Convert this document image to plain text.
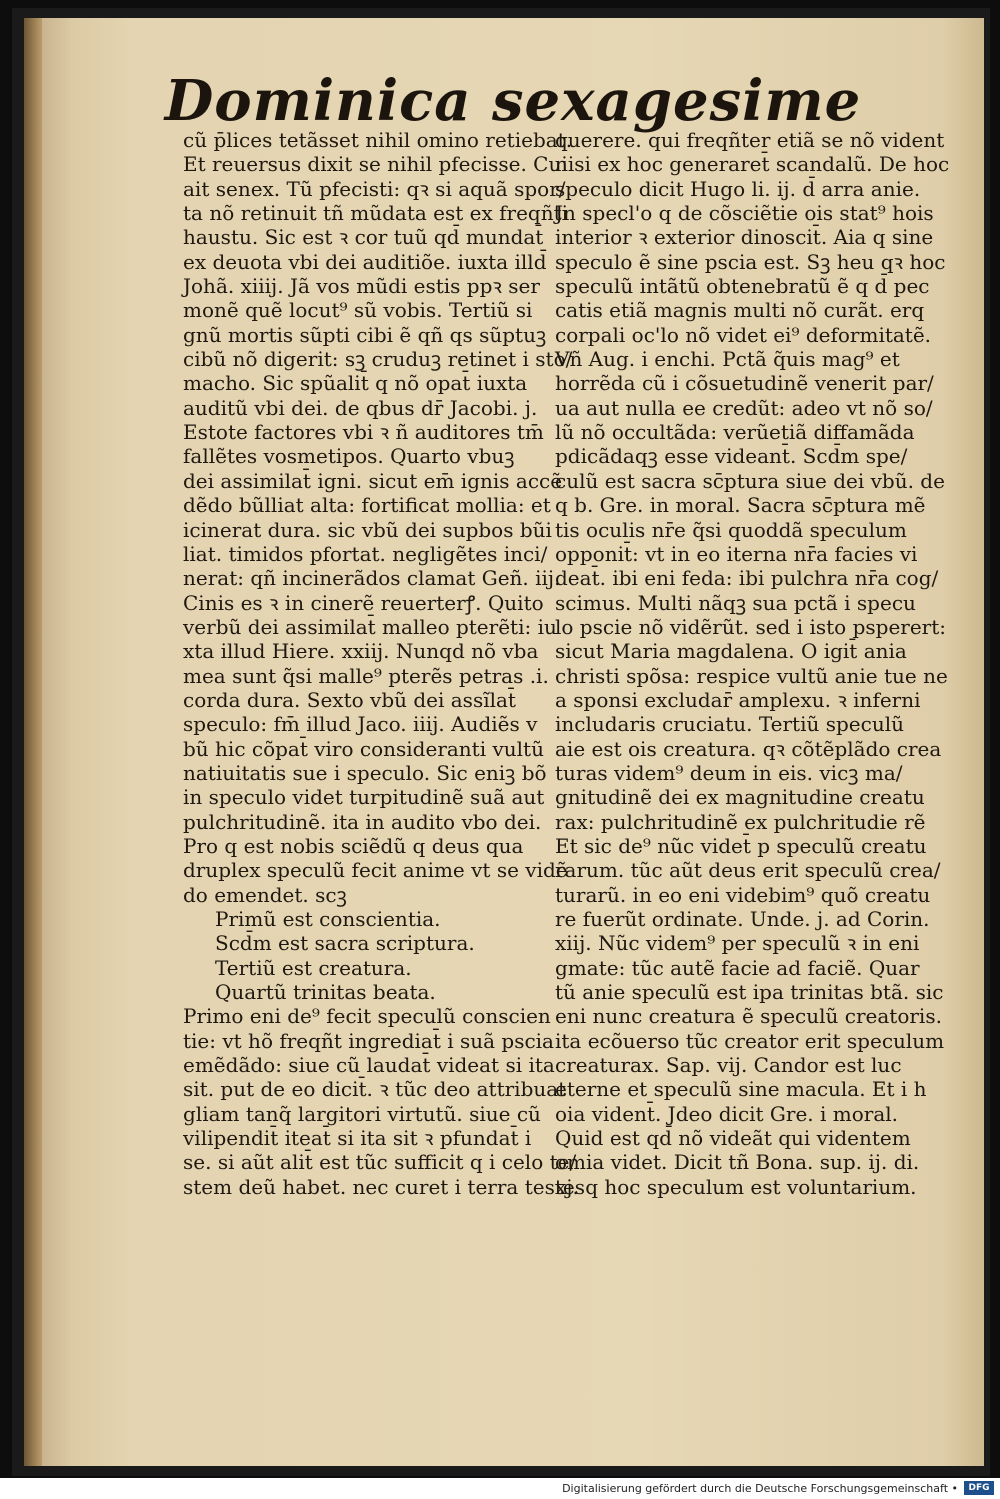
Dominica sexagesime
cũ p̄lices tetãsset nihil omino retiebat.
Et reuersus dixit se nihil pfecisse. Cui
ait senex. Tũ pfecisti: qꝛ si aquã spor/
ta nõ retinuit tñ mũdata est ex freqñti
haustu. Sic est ꝛ cor tuũ qd̄ mundat̄
ex deuota vbi dei auditiõe. iuxta illd̄
Johã. xiiij. Jã vos mũdi estis ppꝛ ser
monẽ quẽ locut⁹ sũ vobis. Tertiũ si
gnũ mortis sũpti cibi ẽ qñ qs sũptuꝫ
cibũ nõ digerit: sꝫ cruduꝫ retinet i sto/
macho. Sic spũalit̄ q nõ opat̄ iuxta
auditũ vbi dei. de qbus dr̄ Jacobi. j.
Estote factores vbi ꝛ ñ auditores tm̄
fallẽtes vosmetipos. Quarto vbuꝫ
dei assimilat̄ igni. sicut em̄ ignis accẽ
dẽdo bũlliat alta: fortificat mollia: et
icinerat dura. sic vbũ dei supbos bũi
liat. timidos pfortat. negligẽtes inci/
nerat: qñ incinerãdos clamat Geñ. iij.
Cinis es ꝛ in cinerẽ reuerterꝭ. Quito
verbũ dei assimilat̄ malleo pterẽti: iu
xta illud Hiere. xxiij. Nunqd nõ vba
mea sunt q̃si malle⁹ pterẽs petras .i.
corda dura. Sexto vbũ dei assĩlat̄
speculo: fm̄ illud Jaco. iiij. Audiẽs v
bũ hic cõpat̄ viro consideranti vultũ
natiuitatis sue i speculo. Sic eniꝫ bõ
in speculo videt turpitudinẽ suã aut
pulchritudinẽ. ita in audito vbo dei.
Pro q est nobis sciẽdũ q deus qua
druplex speculũ fecit anime vt se vidẽ
do emendet. scꝫ
Primũ est conscientia.
Scd̄m est sacra scriptura.
Tertiũ est creatura.
Quartũ trinitas beata.
Primo eni de⁹ fecit speculũ conscien
tie: vt hõ freqñt ingrediat̄ i suã pscia
emẽdãdo: siue cũ laudat̄ videat si ita
sit. put de eo dicit̄. ꝛ tũc deo attribuat
gliam tanq̃ largitori virtutũ. siue cũ
vilipendit̄ iteat̄ si ita sit ꝛ pfundat̄ i
se. si aũt alit̄ est tũc sufficit q i celo te/
stem deũ habet. nec curet i terra testes
querere. qui freqñter etiã se nõ vident
nisi ex hoc generaret̄ scandalũ. De hoc
speculo dicit Hugo li. ij. d̄ arra anie.
Jn specl'o q de cõsciẽtie ois stat⁹ hois
interior ꝛ exterior dinoscit̄. Aia q sine
speculo ẽ sine pscia est. Sꝫ heu qꝛ hoc
speculũ intãtũ obtenebratũ ẽ q d̄ pec
catis etiã magnis multi nõ curãt. erq
corpali oc'lo nõ videt ei⁹ deformitatẽ.
Vñ Aug. i enchi. Pctã q̃uis mag⁹ et
horrẽda cũ i cõsuetudinẽ venerit par/
ua aut nulla ee credũt: adeo vt nõ so/
lũ nõ occultãda: verũetiã diffamãda
pdicãdaqꝫ esse videant̄. Scd̄m spe/
culũ est sacra sc̄ptura siue dei vbũ. de
q b. Gre. in moral. Sacra sc̄ptura mẽ
tis oculis nr̄e q̃si quoddã speculum
opponit̄: vt in eo iterna nr̄a facies vi
deat̄. ibi eni feda: ibi pulchra nr̄a cog/
scimus. Multi nãqꝫ sua pctã i specu
lo pscie nõ vidẽrũt. sed i isto psperert:
sicut Maria magdalena. O igit̄ ania
christi spõsa: respice vultũ anie tue ne
a sponsi excludar̄ amplexu. ꝛ inferni
includaris cruciatu. Tertiũ speculũ
aie est ois creatura. qꝛ cõtẽplãdo crea
turas videm⁹ deum in eis. vicꝫ ma/
gnitudinẽ dei ex magnitudine creatu
rax: pulchritudinẽ ex pulchritudie rẽ
Et sic de⁹ nũc videt̄ p speculũ creatu
rarum. tũc aũt deus erit speculũ crea/
turarũ. in eo eni videbim⁹ quõ creatu
re fuerũt ordinate. Unde. j. ad Corin.
xiij. Nũc videm⁹ per speculũ ꝛ in eni
gmate: tũc autẽ facie ad faciẽ. Quar
tũ anie speculũ est ipa trinitas btã. sic
eni nunc creatura ẽ speculũ creatoris.
ita ecõuerso tũc creator erit speculum
creaturax. Sap. vij. Candor est luc
eterne et speculũ sine macula. Et i h
oia vident̄. Jdeo dicit Gre. i moral.
Quid est qd̄ nõ videãt qui videntem
omia videt. Dicit tñ Bona. sup. ij. di.
xj. q hoc speculum est voluntarium.
Digitalisierung gefördert durch die Deutsche Forschungsgemeinschaft •	DFG
